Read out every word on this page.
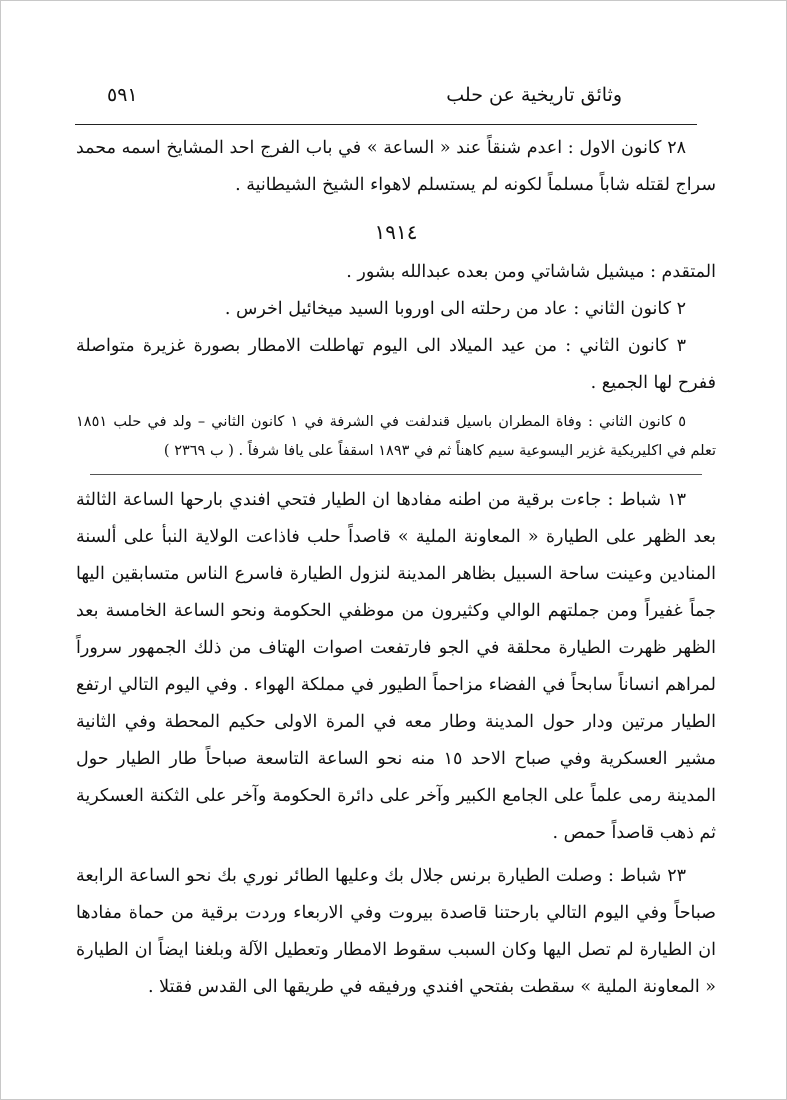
وثائق تاريخية عن حلب
٥٩١

٢٨ كانون الاول : اعدم شنقاً عند « الساعة » في باب الفرج احد المشايخ اسمه محمد سراج لقتله شاباً مسلماً لكونه لم يستسلم لاهواء الشيخ الشيطانية .

١٩١٤

المتقدم : ميشيل شاشاتي ومن بعده عبدالله بشور .

٢ كانون الثاني : عاد من رحلته الى اوروبا السيد ميخائيل اخرس .

٣ كانون الثاني : من عيد الميلاد الى اليوم تهاطلت الامطار بصورة غزيرة متواصلة ففرح لها الجميع .

٥ كانون الثاني : وفاة المطران باسيل قندلفت في الشرفة في ١ كانون الثاني – ولد في حلب ١٨٥١ تعلم في اكليريكية غزير اليسوعية سيم كاهناً ثم في ١٨٩٣ اسقفاً على يافا شرفاً . ( ب ٢٣٦٩ )

١٣ شباط : جاءت برقية من اطنه مفادها ان الطيار فتحي افندي بارحها الساعة الثالثة بعد الظهر على الطيارة « المعاونة الملية » قاصداً حلب فاذاعت الولاية النبأ على ألسنة المنادين وعينت ساحة السبيل بظاهر المدينة لنزول الطيارة فاسرع الناس متسابقين اليها جماً غفيراً ومن جملتهم الوالي وكثيرون من موظفي الحكومة ونحو الساعة الخامسة بعد الظهر ظهرت الطيارة محلقة في الجو فارتفعت اصوات الهتاف من ذلك الجمهور سروراً لمراهم انساناً سابحاً في الفضاء مزاحماً الطيور في مملكة الهواء . وفي اليوم التالي ارتفع الطيار مرتين ودار حول المدينة وطار معه في المرة الاولى حكيم المحطة وفي الثانية مشير العسكرية وفي صباح الاحد ١٥ منه نحو الساعة التاسعة صباحاً طار الطيار حول المدينة رمى علماً على الجامع الكبير وآخر على دائرة الحكومة وآخر على الثكنة العسكرية ثم ذهب قاصداً حمص .

٢٣ شباط : وصلت الطيارة برنس جلال بك وعليها الطائر نوري بك نحو الساعة الرابعة صباحاً وفي اليوم التالي بارحتنا قاصدة بيروت وفي الاربعاء وردت برقية من حماة مفادها ان الطيارة لم تصل اليها وكان السبب سقوط الامطار وتعطيل الآلة وبلغنا ايضاً ان الطيارة « المعاونة الملية » سقطت بفتحي افندي ورفيقه في طريقها الى القدس فقتلا .
